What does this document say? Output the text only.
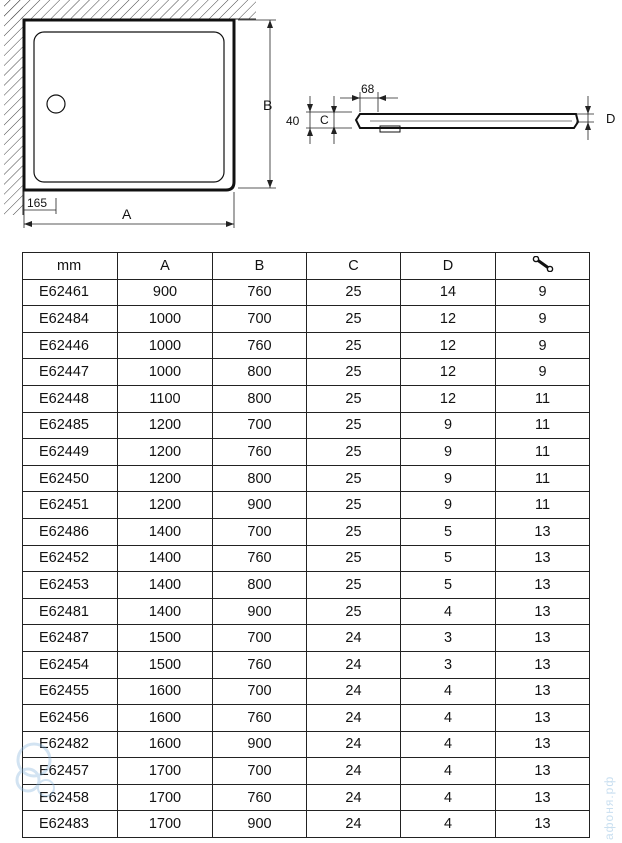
B
165
A
68
40 C	D
mm	A	B	C	D	
E62461	900	760	25	14	9
E62484	1000	700	25	12	9
E62446	1000	760	25	12	9
E62447	1000	800	25	12	9
E62448	1100	800	25	12	11
E62485	1200	700	25	9	11
E62449	1200	760	25	9	11
E62450	1200	800	25	9	11
E62451	1200	900	25	9	11
E62486	1400	700	25	5	13
E62452	1400	760	25	5	13
E62453	1400	800	25	5	13
E62481	1400	900	25	4	13
E62487	1500	700	24	3	13
E62454	1500	760	24	3	13
E62455	1600	700	24	4	13
E62456	1600	760	24	4	13
E62482	1600	900	24	4	13
E62457	1700	700	24	4	13
E62458	1700	760	24	4	13
E62483	1700	900	24	4	13	афоня.рф
